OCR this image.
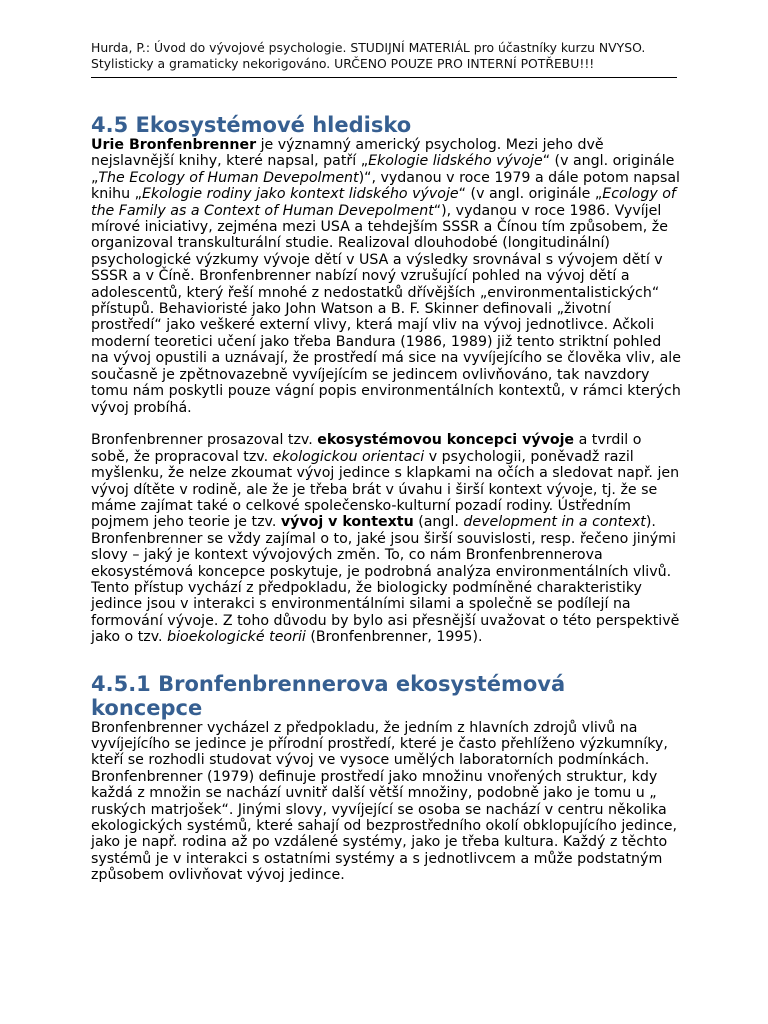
Hurda, P.: Úvod do vývojové psychologie. STUDIJNÍ MATERIÁL pro účastníky kurzu NVYSO.
Stylisticky a gramaticky nekorigováno. URČENO POUZE PRO INTERNÍ POTŘEBU!!!
4.5 Ekosystémové hledisko

Urie Bronfenbrenner je významný americký psycholog. Mezi jeho dvě nejslavnější knihy, které napsal, patří „Ekologie lidského vývoje“ (v angl. originále „The Ecology of Human Devepolment)“, vydanou v roce 1979 a dále potom napsal knihu „Ekologie rodiny jako kontext lidského vývoje“ (v angl. originále „Ecology of the Family as a Context of Human Devepolment“), vydanou v roce 1986. Vyvíjel mírové iniciativy, zejména mezi USA a tehdejším SSSR a Čínou tím způsobem, že organizoval transkulturální studie. Realizoval dlouhodobé (longitudinální) psychologické výzkumy vývoje dětí v USA a výsledky srovnával s vývojem dětí v SSSR a v Číně. Bronfenbrenner nabízí nový vzrušující pohled na vývoj dětí a adolescentů, který řeší mnohé z nedostatků dřívějších „environmentalistických“ přístupů. Behavioristé jako John Watson a B. F. Skinner definovali „životní prostředí“ jako veškeré externí vlivy, která mají vliv na vývoj jednotlivce. Ačkoli moderní teoretici učení jako třeba Bandura (1986, 1989) již tento striktní pohled na vývoj opustili a uznávají, že prostředí má sice na vyvíjejícího se člověka vliv, ale současně je zpětnovazebně vyvíjejícím se jedincem ovlivňováno, tak navzdory tomu nám poskytli pouze vágní popis environmentálních kontextů, v rámci kterých vývoj probíhá.

Bronfenbrenner prosazoval tzv. ekosystémovou koncepci vývoje a tvrdil o sobě, že propracoval tzv. ekologickou orientaci v psychologii, poněvadž razil myšlenku, že nelze zkoumat vývoj jedince s klapkami na očích a sledovat např. jen vývoj dítěte v rodině, ale že je třeba brát v úvahu i širší kontext vývoje, tj. že se máme zajímat také o celkové společensko-kulturní pozadí rodiny. Ústředním pojmem jeho teorie je tzv. vývoj v kontextu (angl. development in a context). Bronfenbrenner se vždy zajímal o to, jaké jsou širší souvislosti, resp. řečeno jinými slovy – jaký je kontext vývojových změn. To, co nám Bronfenbrennerova ekosystémová koncepce poskytuje, je podrobná analýza environmentálních vlivů. Tento přístup vychází z předpokladu, že biologicky podmíněné charakteristiky jedince jsou v interakci s environmentálními silami a společně se podílejí na formování vývoje. Z toho důvodu by bylo asi přesnější uvažovat o této perspektivě jako o tzv. bioekologické teorii (Bronfenbrenner, 1995).

4.5.1 Bronfenbrennerova ekosystémová koncepce

Bronfenbrenner vycházel z předpokladu, že jedním z hlavních zdrojů vlivů na vyvíjejícího se jedince je přírodní prostředí, které je často přehlíženo výzkumníky, kteří se rozhodli studovat vývoj ve vysoce umělých laboratorních podmínkách. Bronfenbrenner (1979) definuje prostředí jako množinu vnořených struktur, kdy každá z množin se nachází uvnitř další větší množiny, podobně jako je tomu u „ ruských matrjošek“. Jinými slovy, vyvíjející se osoba se nachází v centru několika ekologických systémů, které sahají od bezprostředního okolí obklopujícího jedince, jako je např. rodina až po vzdálené systémy, jako je třeba kultura. Každý z těchto systémů je v interakci s ostatními systémy a s jednotlivcem a může podstatným způsobem ovlivňovat vývoj jedince.
